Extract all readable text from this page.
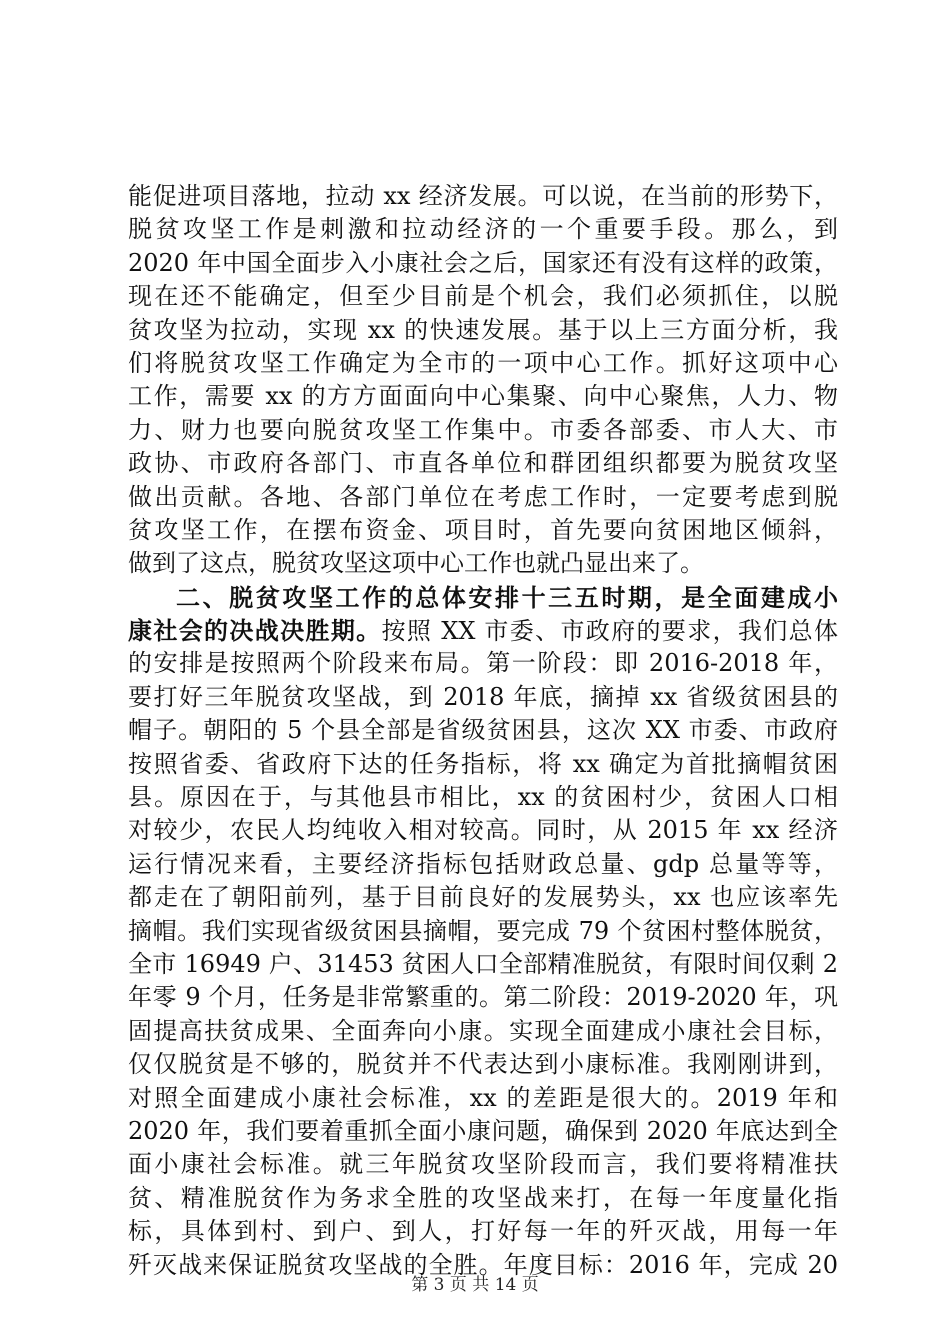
能促进项目落地，拉动 xx 经济发展。可以说，在当前的形势下，
脱贫攻坚工作是刺激和拉动经济的一个重要手段。那么，到
2020 年中国全面步入小康社会之后，国家还有没有这样的政策，
现在还不能确定，但至少目前是个机会，我们必须抓住，以脱
贫攻坚为拉动，实现 xx 的快速发展。基于以上三方面分析，我
们将脱贫攻坚工作确定为全市的一项中心工作。抓好这项中心
工作，需要 xx 的方方面面向中心集聚、向中心聚焦，人力、物
力、财力也要向脱贫攻坚工作集中。市委各部委、市人大、市
政协、市政府各部门、市直各单位和群团组织都要为脱贫攻坚
做出贡献。各地、各部门单位在考虑工作时，一定要考虑到脱
贫攻坚工作，在摆布资金、项目时，首先要向贫困地区倾斜，
做到了这点，脱贫攻坚这项中心工作也就凸显出来了。
二、脱贫攻坚工作的总体安排十三五时期，是全面建成小
康社会的决战决胜期。按照 XX 市委、市政府的要求，我们总体
的安排是按照两个阶段来布局。第一阶段：即 2016-2018 年，
要打好三年脱贫攻坚战，到 2018 年底，摘掉 xx 省级贫困县的
帽子。朝阳的 5 个县全部是省级贫困县，这次 XX 市委、市政府
按照省委、省政府下达的任务指标，将 xx 确定为首批摘帽贫困
县。原因在于，与其他县市相比，xx 的贫困村少，贫困人口相
对较少，农民人均纯收入相对较高。同时，从 2015 年 xx 经济
运行情况来看，主要经济指标包括财政总量、gdp 总量等等，
都走在了朝阳前列，基于目前良好的发展势头，xx 也应该率先
摘帽。我们实现省级贫困县摘帽，要完成 79 个贫困村整体脱贫，
全市 16949 户、31453 贫困人口全部精准脱贫，有限时间仅剩 2
年零 9 个月，任务是非常繁重的。第二阶段：2019-2020 年，巩
固提高扶贫成果、全面奔向小康。实现全面建成小康社会目标，
仅仅脱贫是不够的，脱贫并不代表达到小康标准。我刚刚讲到，
对照全面建成小康社会标准，xx 的差距是很大的。2019 年和
2020 年，我们要着重抓全面小康问题，确保到 2020 年底达到全
面小康社会标准。就三年脱贫攻坚阶段而言，我们要将精准扶
贫、精准脱贫作为务求全胜的攻坚战来打，在每一年度量化指
标，具体到村、到户、到人，打好每一年的歼灭战，用每一年
歼灭战来保证脱贫攻坚战的全胜。年度目标：2016 年，完成 20
第 3 页 共 14 页
